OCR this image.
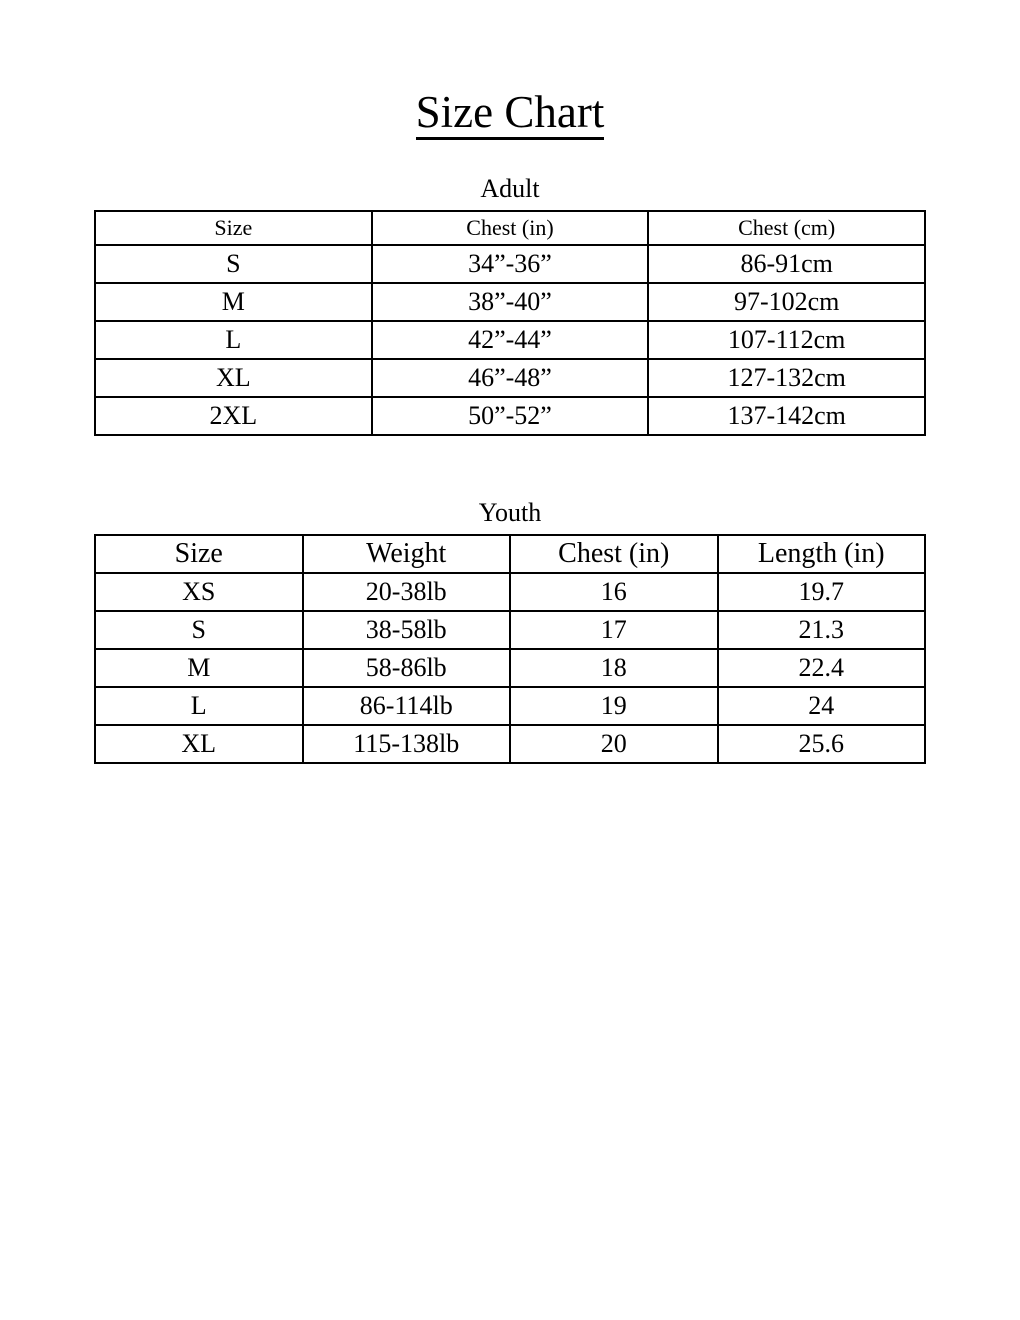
Size Chart
Adult
Size	Chest (in)	Chest (cm)
S	34”-36”	86-91cm
M	38”-40”	97-102cm
L	42”-44”	107-112cm
XL	46”-48”	127-132cm
2XL	50”-52”	137-142cm
Youth
Size	Weight	Chest (in)	Length (in)
XS	20-38lb	16	19.7
S	38-58lb	17	21.3
M	58-86lb	18	22.4
L	86-114lb	19	24
XL	115-138lb	20	25.6
